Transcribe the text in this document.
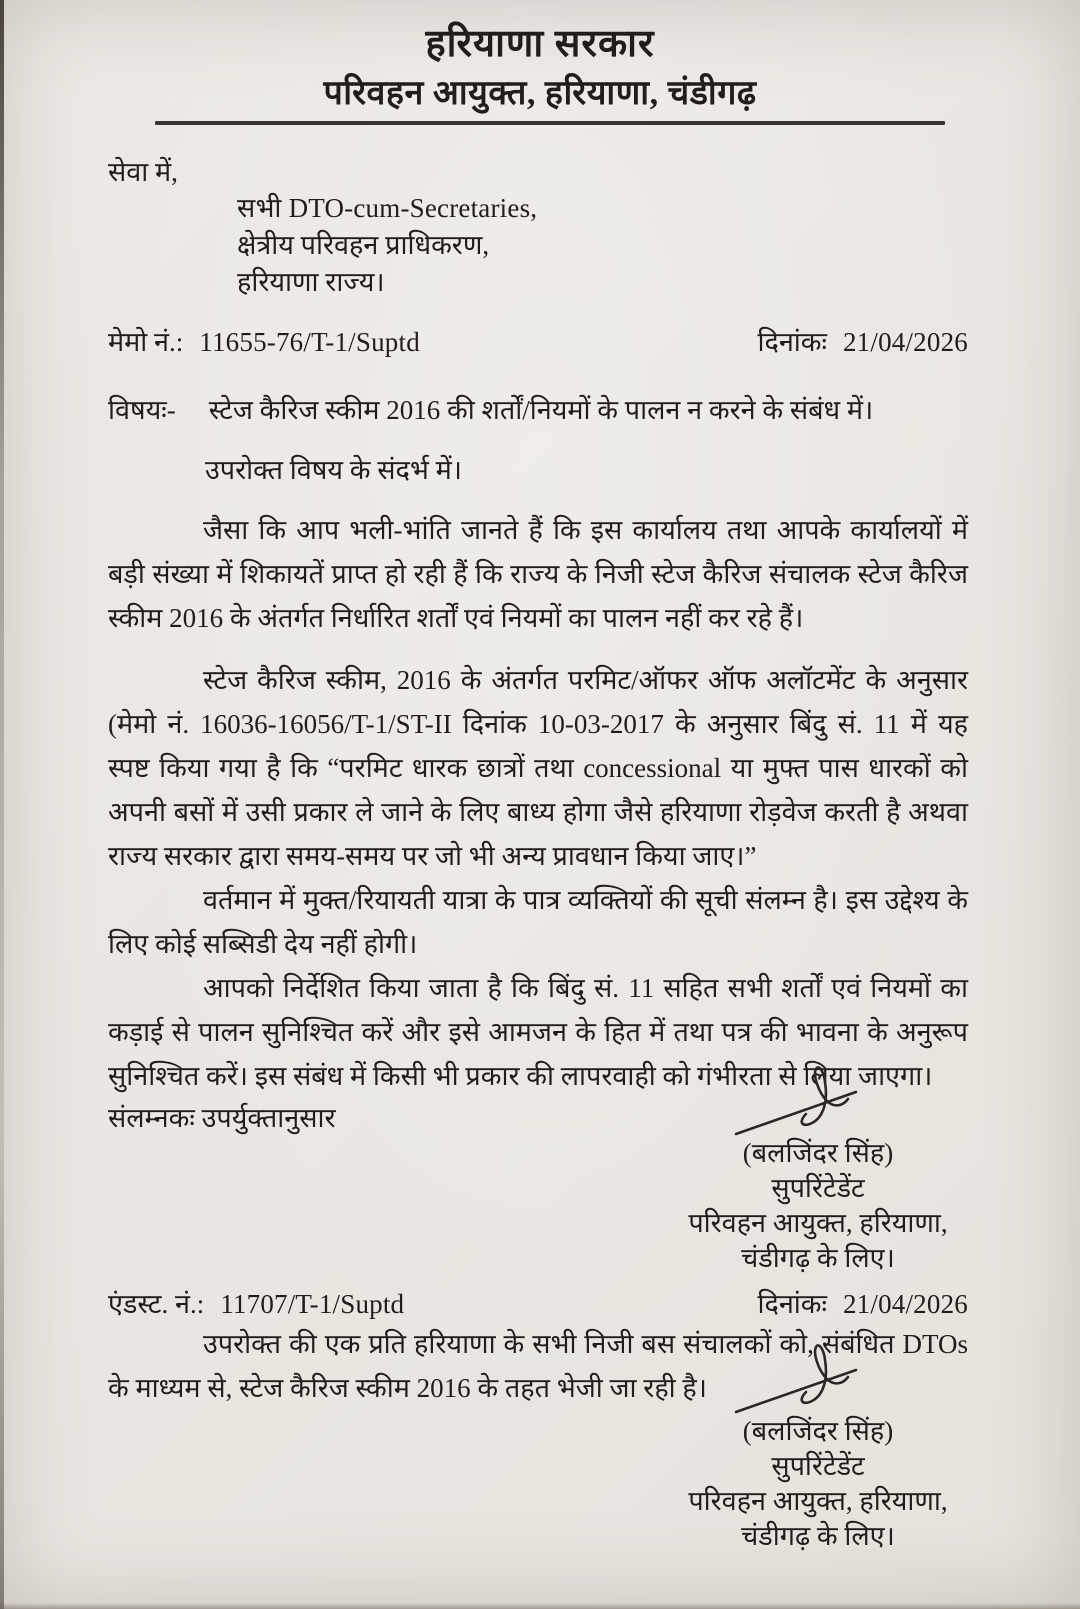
हरियाणा सरकार
परिवहन आयुक्त, हरियाणा, चंडीगढ़
सेवा में,
सभी DTO-cum-Secretaries,
क्षेत्रीय परिवहन प्राधिकरण,
हरियाणा राज्य।
मेमो नं.: 11655-76/T-1/Suptd	दिनांकः 21/04/2026
विषयः- स्टेज कैरिज स्कीम 2016 की शर्तों/नियमों के पालन न करने के संबंध में।
उपरोक्त विषय के संदर्भ में।

जैसा कि आप भली-भांति जानते हैं कि इस कार्यालय तथा आपके कार्यालयों में बड़ी संख्या में शिकायतें प्राप्त हो रही हैं कि राज्य के निजी स्टेज कैरिज संचालक स्टेज कैरिज स्कीम 2016 के अंतर्गत निर्धारित शर्तों एवं नियमों का पालन नहीं कर रहे हैं।

स्टेज कैरिज स्कीम, 2016 के अंतर्गत परमिट/ऑफर ऑफ अलॉटमेंट के अनुसार (मेमो नं. 16036-16056/T-1/ST-II दिनांक 10-03-2017 के अनुसार बिंदु सं. 11 में यह स्पष्ट किया गया है कि “परमिट धारक छात्रों तथा concessional या मुफ्त पास धारकों को अपनी बसों में उसी प्रकार ले जाने के लिए बाध्य होगा जैसे हरियाणा रोड़वेज करती है अथवा राज्य सरकार द्वारा समय-समय पर जो भी अन्य प्रावधान किया जाए।”

वर्तमान में मुक्त/रियायती यात्रा के पात्र व्यक्तियों की सूची संलम्न है। इस उद्देश्य के लिए कोई सब्सिडी देय नहीं होगी।

आपको निर्देशित किया जाता है कि बिंदु सं. 11 सहित सभी शर्तों एवं नियमों का कड़ाई से पालन सुनिश्चित करें और इसे आमजन के हित में तथा पत्र की भावना के अनुरूप सुनिश्चित करें। इस संबंध में किसी भी प्रकार की लापरवाही को गंभीरता से लिया जाएगा।

संलम्नकः उपर्युक्तानुसार
(बलजिंदर सिंह)
सुपरिंटेडेंट
परिवहन आयुक्त, हरियाणा,
चंडीगढ़ के लिए।
एंडस्ट. नं.: 11707/T-1/Suptd	दिनांकः 21/04/2026

उपरोक्त की एक प्रति हरियाणा के सभी निजी बस संचालकों को, संबंधित DTOs के माध्यम से, स्टेज कैरिज स्कीम 2016 के तहत भेजी जा रही है।

(बलजिंदर सिंह)
सुपरिंटेडेंट
परिवहन आयुक्त, हरियाणा,
चंडीगढ़ के लिए।
